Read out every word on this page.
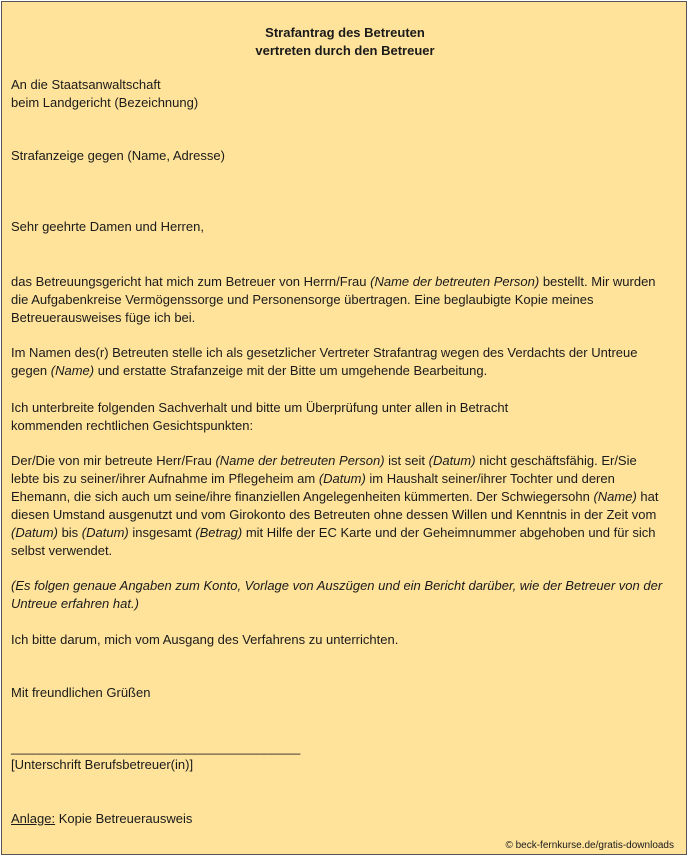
Strafantrag des Betreuten
vertreten durch den Betreuer
An die Staatsanwaltschaft
beim Landgericht (Bezeichnung)
Strafanzeige gegen (Name, Adresse)
Sehr geehrte Damen und Herren,
das Betreuungsgericht hat mich zum Betreuer von Herrn/Frau (Name der betreuten Person) bestellt. Mir wurden
die Aufgabenkreise Vermögenssorge und Personensorge übertragen. Eine beglaubigte Kopie meines
Betreuerausweises füge ich bei.
Im Namen des(r) Betreuten stelle ich als gesetzlicher Vertreter Strafantrag wegen des Verdachts der Untreue
gegen (Name) und erstatte Strafanzeige mit der Bitte um umgehende Bearbeitung.
Ich unterbreite folgenden Sachverhalt und bitte um Überprüfung unter allen in Betracht
kommenden rechtlichen Gesichtspunkten:
Der/Die von mir betreute Herr/Frau (Name der betreuten Person) ist seit (Datum) nicht geschäftsfähig. Er/Sie
lebte bis zu seiner/ihrer Aufnahme im Pflegeheim am (Datum) im Haushalt seiner/ihrer Tochter und deren
Ehemann, die sich auch um seine/ihre finanziellen Angelegenheiten kümmerten. Der Schwiegersohn (Name) hat
diesen Umstand ausgenutzt und vom Girokonto des Betreuten ohne dessen Willen und Kenntnis in der Zeit vom
(Datum) bis (Datum) insgesamt (Betrag) mit Hilfe der EC Karte und der Geheimnummer abgehoben und für sich
selbst verwendet.
(Es folgen genaue Angaben zum Konto, Vorlage von Auszügen und ein Bericht darüber, wie der Betreuer von der
Untreue erfahren hat.)
Ich bitte darum, mich vom Ausgang des Verfahrens zu unterrichten.
Mit freundlichen Grüßen
________________________________________
[Unterschrift Berufsbetreuer(in)]
Anlage: Kopie Betreuerausweis
© beck-fernkurse.de/gratis-downloads
